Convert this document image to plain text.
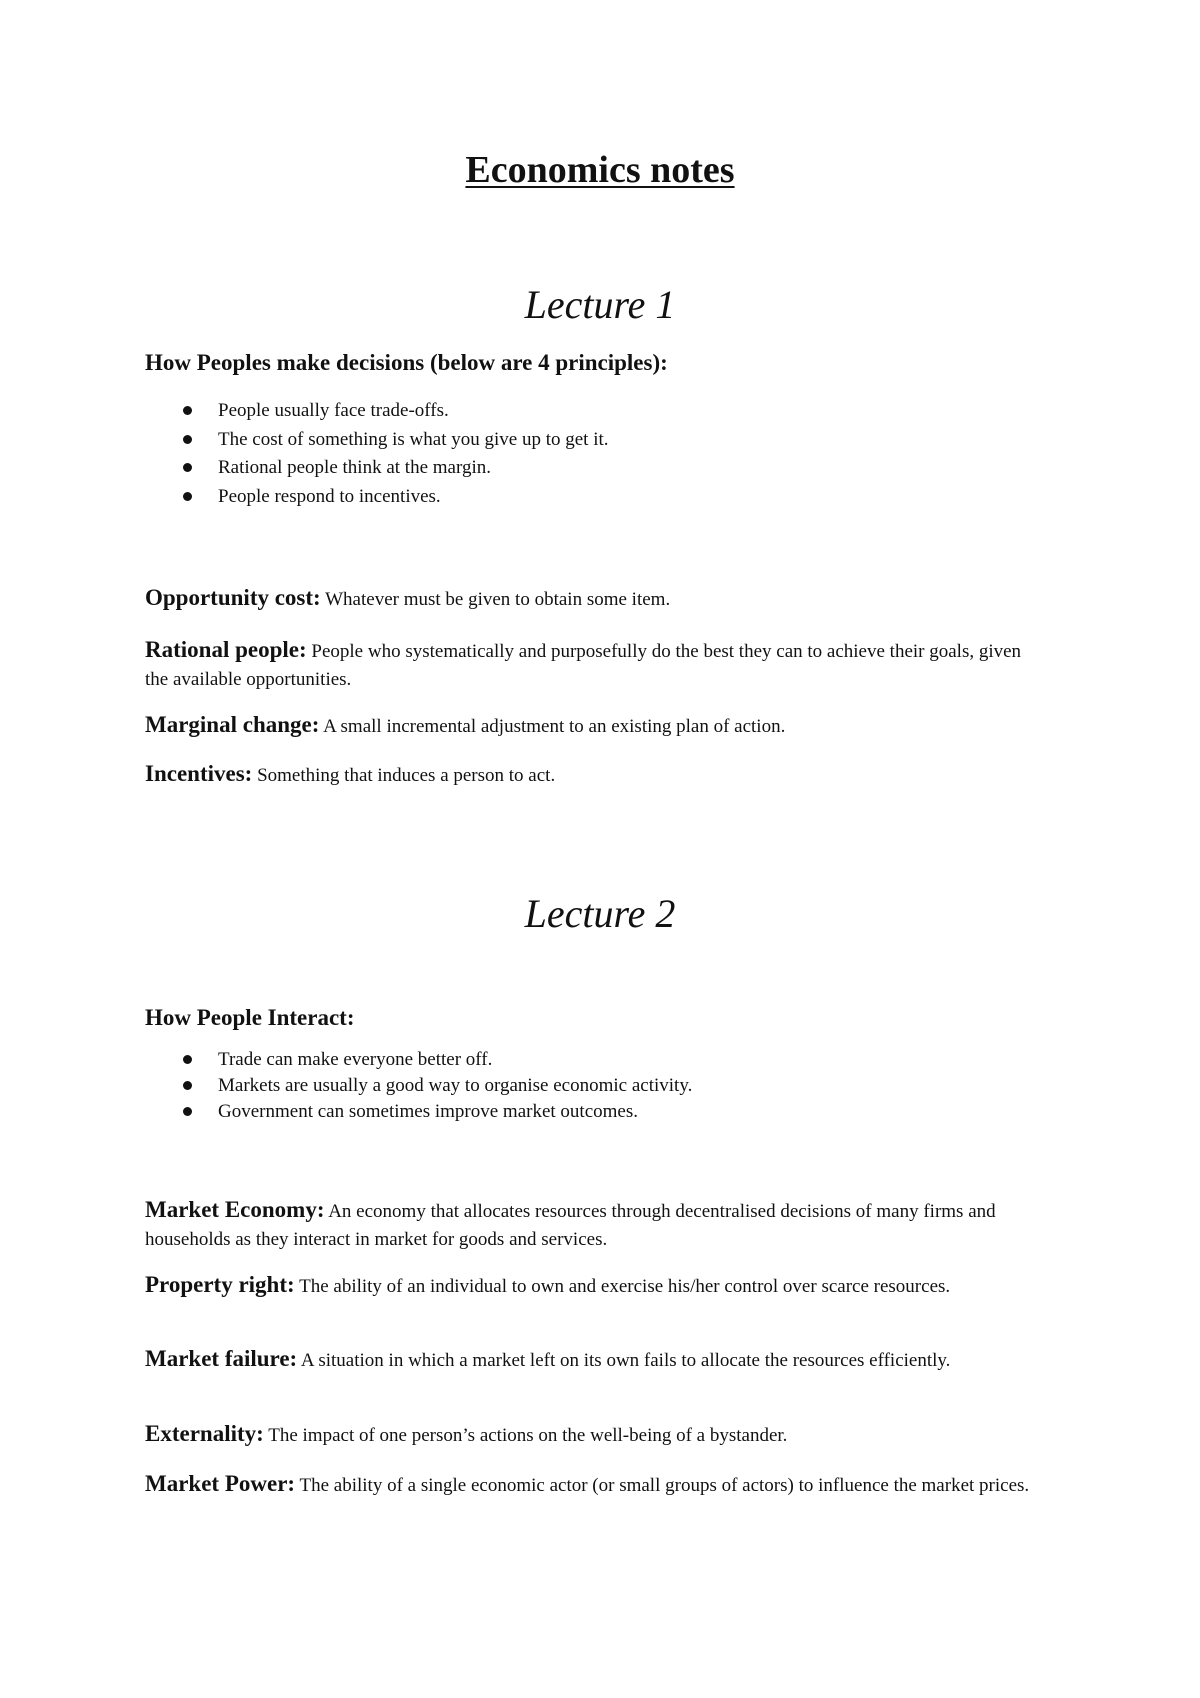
Economics notes
Lecture 1
How Peoples make decisions (below are 4 principles):
People usually face trade-offs.
The cost of something is what you give up to get it.
Rational people think at the margin.
People respond to incentives.

Opportunity cost: Whatever must be given to obtain some item.

Rational people: People who systematically and purposefully do the best they can to achieve their goals, given the available opportunities.

Marginal change: A small incremental adjustment to an existing plan of action.

Incentives: Something that induces a person to act.

Lecture 2
How People Interact:
Trade can make everyone better off.
Markets are usually a good way to organise economic activity.
Government can sometimes improve market outcomes.

Market Economy: An economy that allocates resources through decentralised decisions of many firms and households as they interact in market for goods and services.

Property right: The ability of an individual to own and exercise his/her control over scarce resources.

Market failure: A situation in which a market left on its own fails to allocate the resources efficiently.

Externality: The impact of one person’s actions on the well-being of a bystander.

Market Power: The ability of a single economic actor (or small groups of actors) to influence the market prices.
